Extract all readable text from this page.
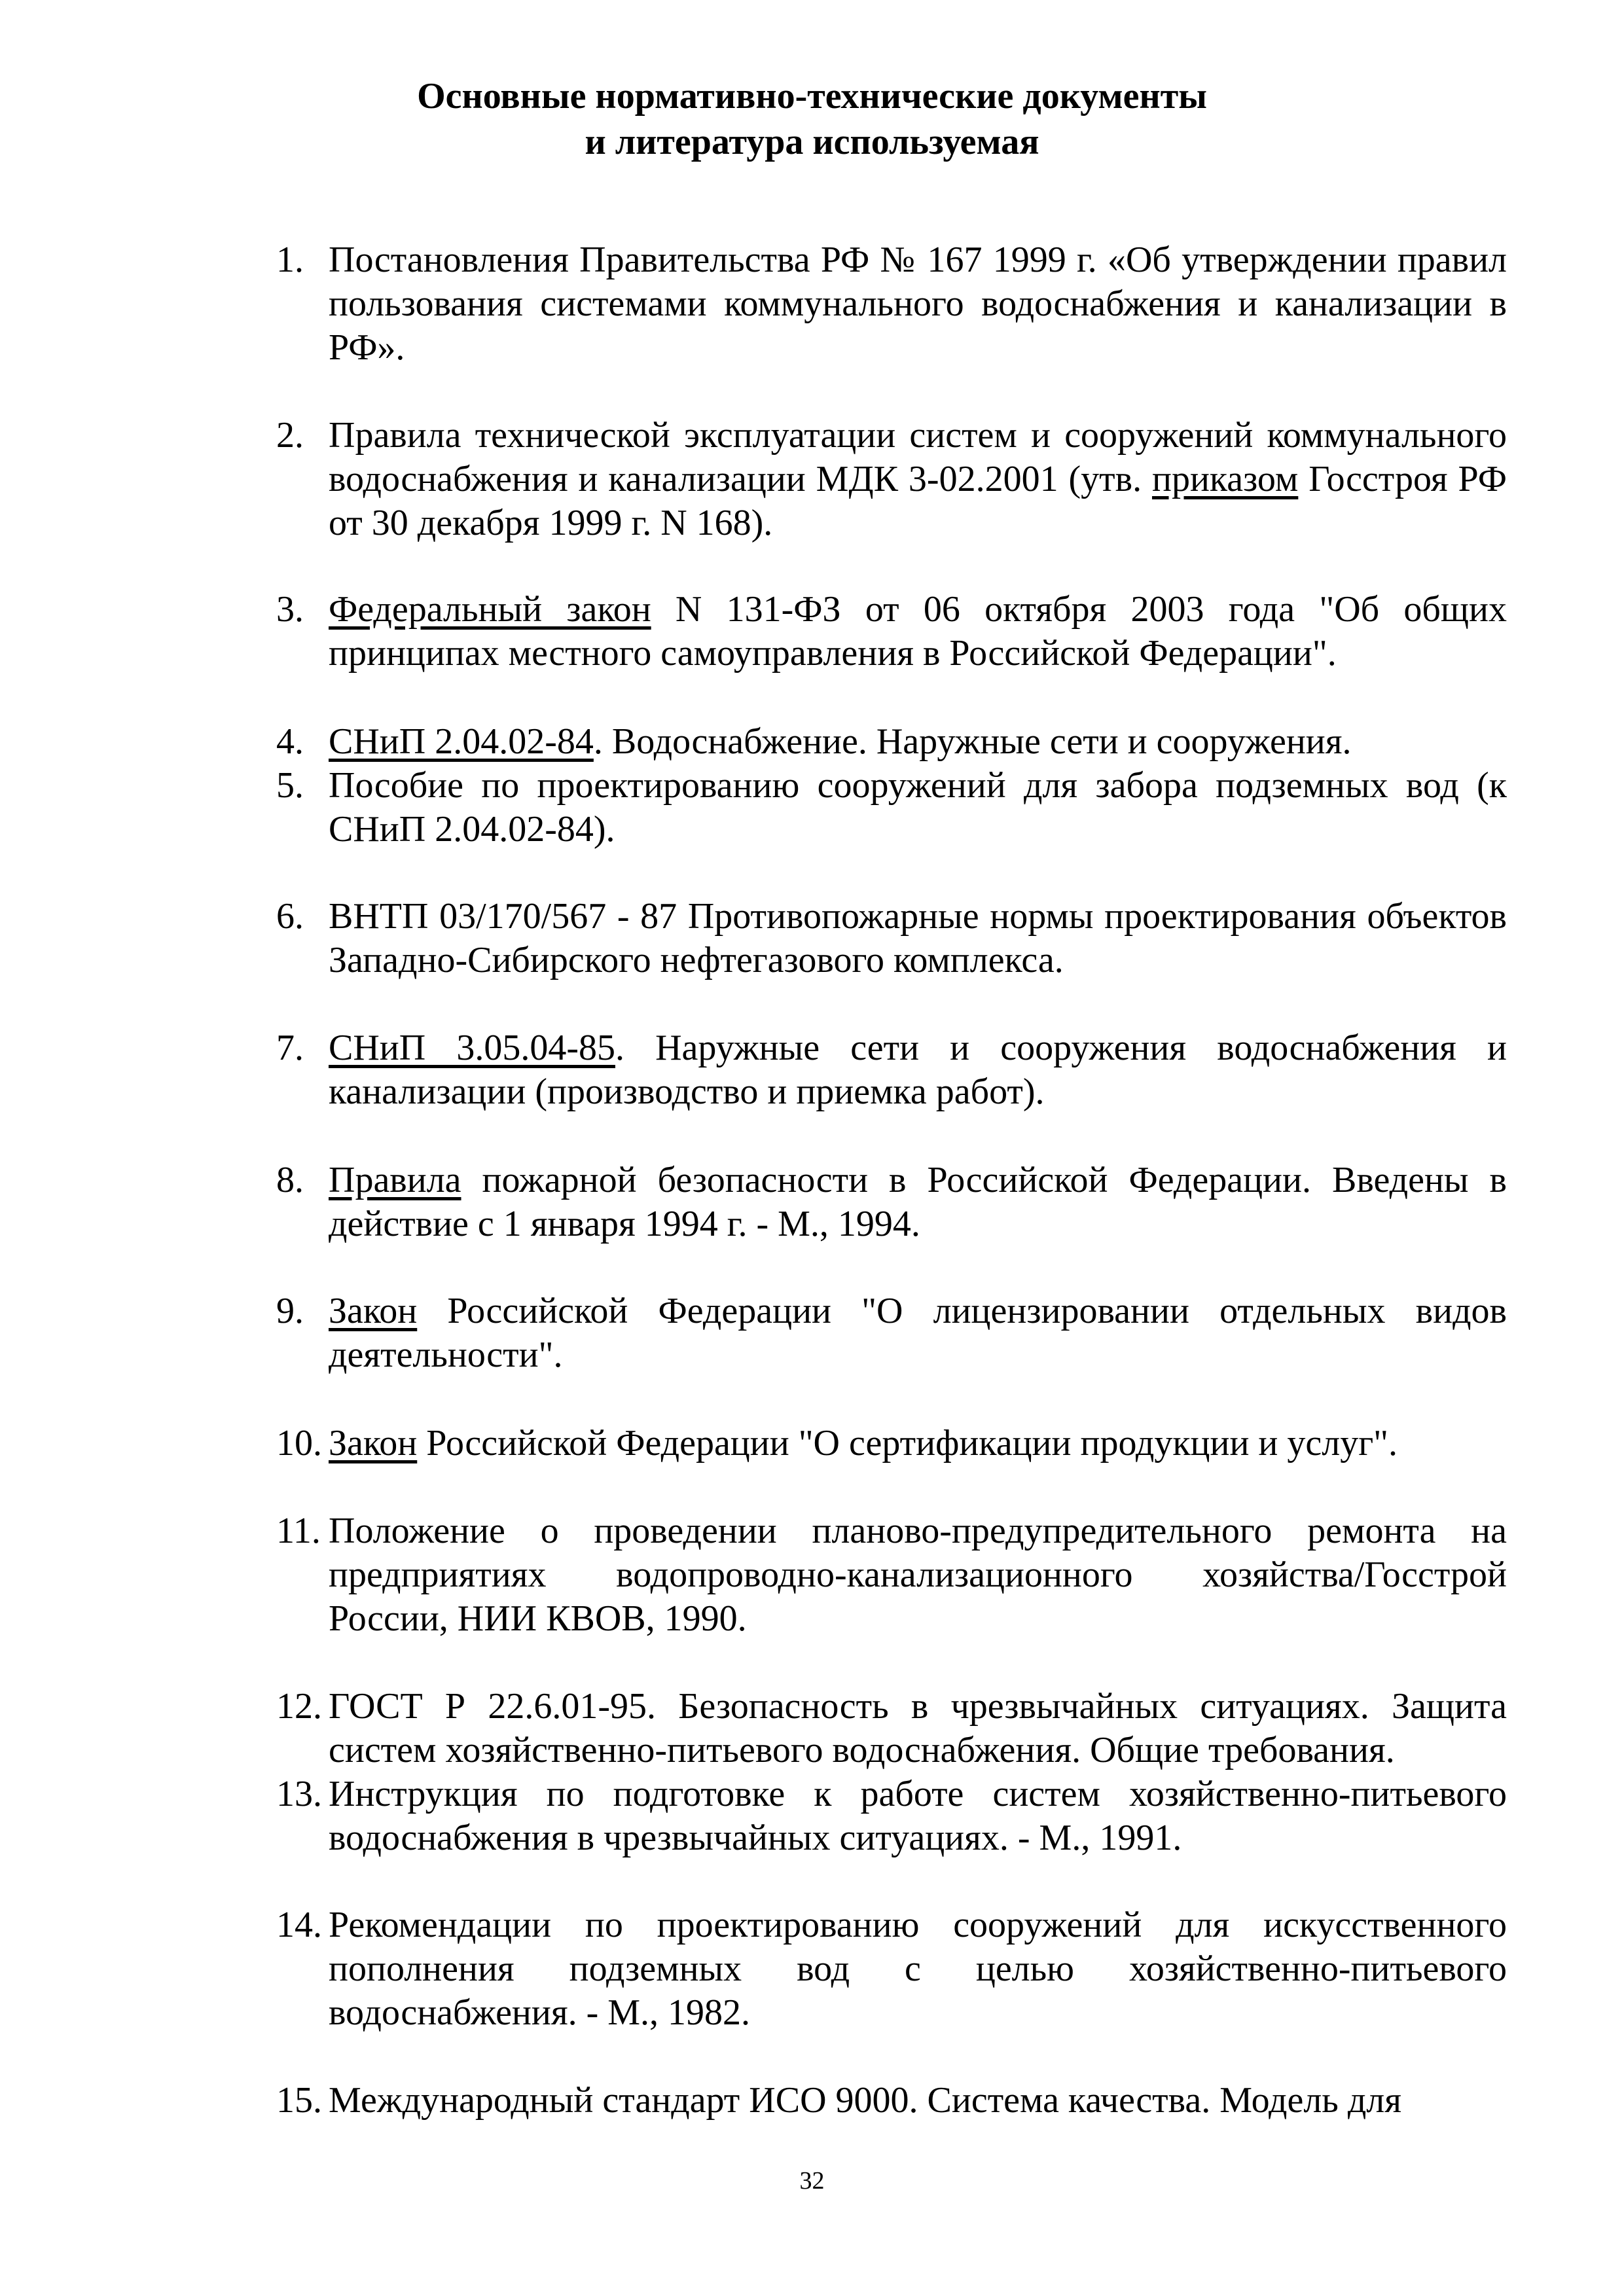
Основные нормативно-технические документы
и литература используемая
1. Постановления Правительства РФ № 167 1999 г. «Об утверждении правил пользования системами коммунального водоснабжения и канализации в РФ».
2. Правила технической эксплуатации систем и сооружений коммунального водоснабжения и канализации МДК 3-02.2001 (утв. приказом Госстроя РФ от 30 декабря 1999 г. N 168).
3. Федеральный закон N 131-ФЗ от 06 октября 2003 года "Об общих принципах местного самоуправления в Российской Федерации".
4. СНиП 2.04.02-84. Водоснабжение. Наружные сети и сооружения.
5. Пособие по проектированию сооружений для забора подземных вод (к СНиП 2.04.02-84).
6. ВНТП 03/170/567 - 87 Противопожарные нормы проектирования объектов Западно-Сибирского нефтегазового комплекса.
7. СНиП 3.05.04-85. Наружные сети и сооружения водоснабжения и канализации (производство и приемка работ).
8. Правила пожарной безопасности в Российской Федерации. Введены в действие с 1 января 1994 г. - М., 1994.
9. Закон Российской Федерации "О лицензировании отдельных видов деятельности".
10. Закон Российской Федерации "О сертификации продукции и услуг".
11. Положение о проведении планово-предупредительного ремонта на предприятиях водопроводно-канализационного хозяйства/Госстрой России, НИИ КВОВ, 1990.
12. ГОСТ Р 22.6.01-95. Безопасность в чрезвычайных ситуациях. Защита систем хозяйственно-питьевого водоснабжения. Общие требования.
13. Инструкция по подготовке к работе систем хозяйственно-питьевого водоснабжения в чрезвычайных ситуациях. - М., 1991.
14. Рекомендации по проектированию сооружений для искусственного пополнения подземных вод с целью хозяйственно-питьевого водоснабжения. - М., 1982.
15. Международный стандарт ИСО 9000. Система качества. Модель для
32
